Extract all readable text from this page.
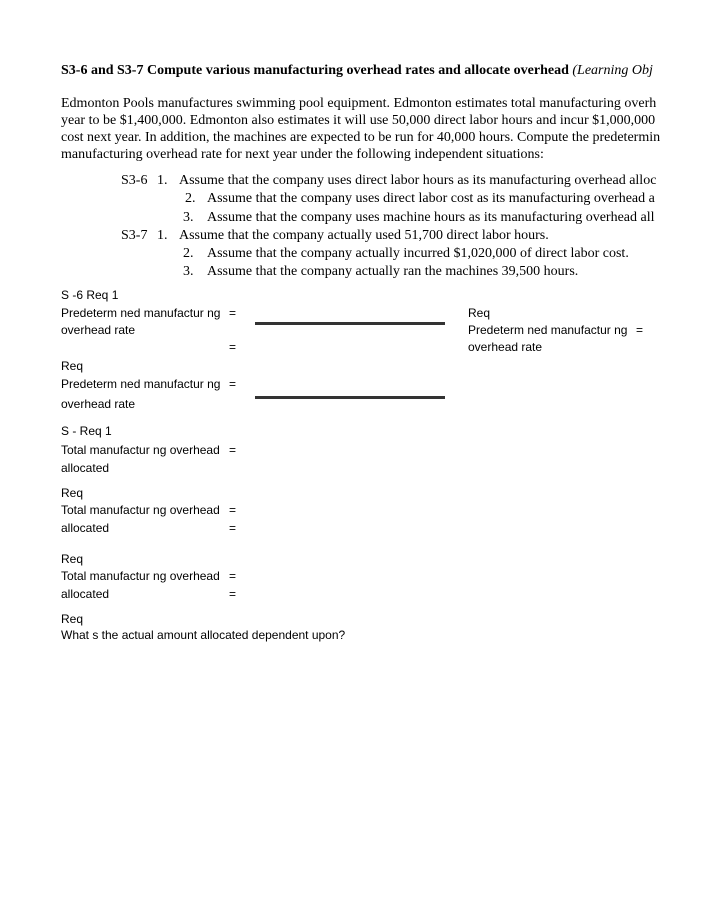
S3-6 and S3-7 Compute various manufacturing overhead rates and allocate overhead (Learning Obj
Edmonton Pools manufactures swimming pool equipment. Edmonton estimates total manufacturing overh
year to be $1,400,000. Edmonton also estimates it will use 50,000 direct labor hours and incur $1,000,000
cost next year. In addition, the machines are expected to be run for 40,000 hours. Compute the predetermin
manufacturing overhead rate for next year under the following independent situations:
S3-6 1. Assume that the company uses direct labor hours as its manufacturing overhead alloc
2. Assume that the company uses direct labor cost as its manufacturing overhead a
3. Assume that the company uses machine hours as its manufacturing overhead all
S3-7 1. Assume that the company actually used 51,700 direct labor hours.
2. Assume that the company actually incurred $1,020,000 of direct labor cost.
3. Assume that the company actually ran the machines 39,500 hours.
S -6 Req 1
Predeterm ned manufactur ng =
overhead rate
Req
Predeterm ned manufactur ng =
overhead rate
=
Req
Predeterm ned manufactur ng =
overhead rate
S - Req 1
Total manufactur ng overhead =
allocated
Req
Total manufactur ng overhead =
allocated	=
Req
Total manufactur ng overhead =
allocated	=
Req
What s the actual amount allocated dependent upon?
